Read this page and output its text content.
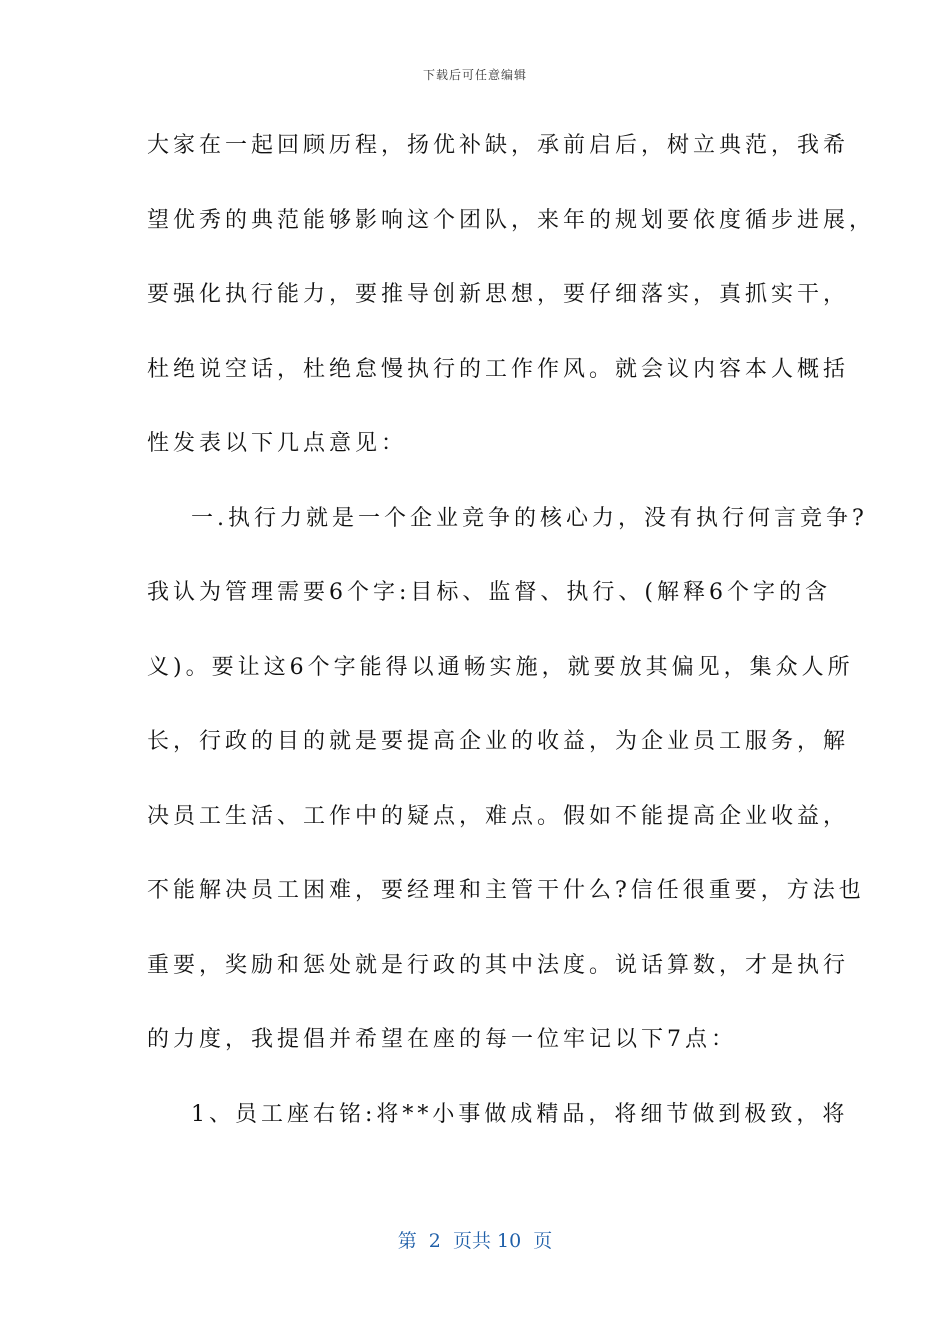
下载后可任意编辑
大家在一起回顾历程，扬优补缺，承前启后，树立典范，我希
望优秀的典范能够影响这个团队，来年的规划要依度循步进展，
要强化执行能力，要推导创新思想，要仔细落实，真抓实干，
杜绝说空话，杜绝怠慢执行的工作作风。就会议内容本人概括
性发表以下几点意见：
一.执行力就是一个企业竞争的核心力，没有执行何言竞争?
我认为管理需要6个字:目标、监督、执行、(解释6个字的含
义)。要让这6个字能得以通畅实施，就要放其偏见，集众人所
长，行政的目的就是要提高企业的收益，为企业员工服务，解
决员工生活、工作中的疑点，难点。假如不能提高企业收益，
不能解决员工困难，要经理和主管干什么?信任很重要，方法也
重要，奖励和惩处就是行政的其中法度。说话算数，才是执行
的力度，我提倡并希望在座的每一位牢记以下7点：
1、员工座右铭:将**小事做成精品，将细节做到极致，将
第  2  页共 10  页
